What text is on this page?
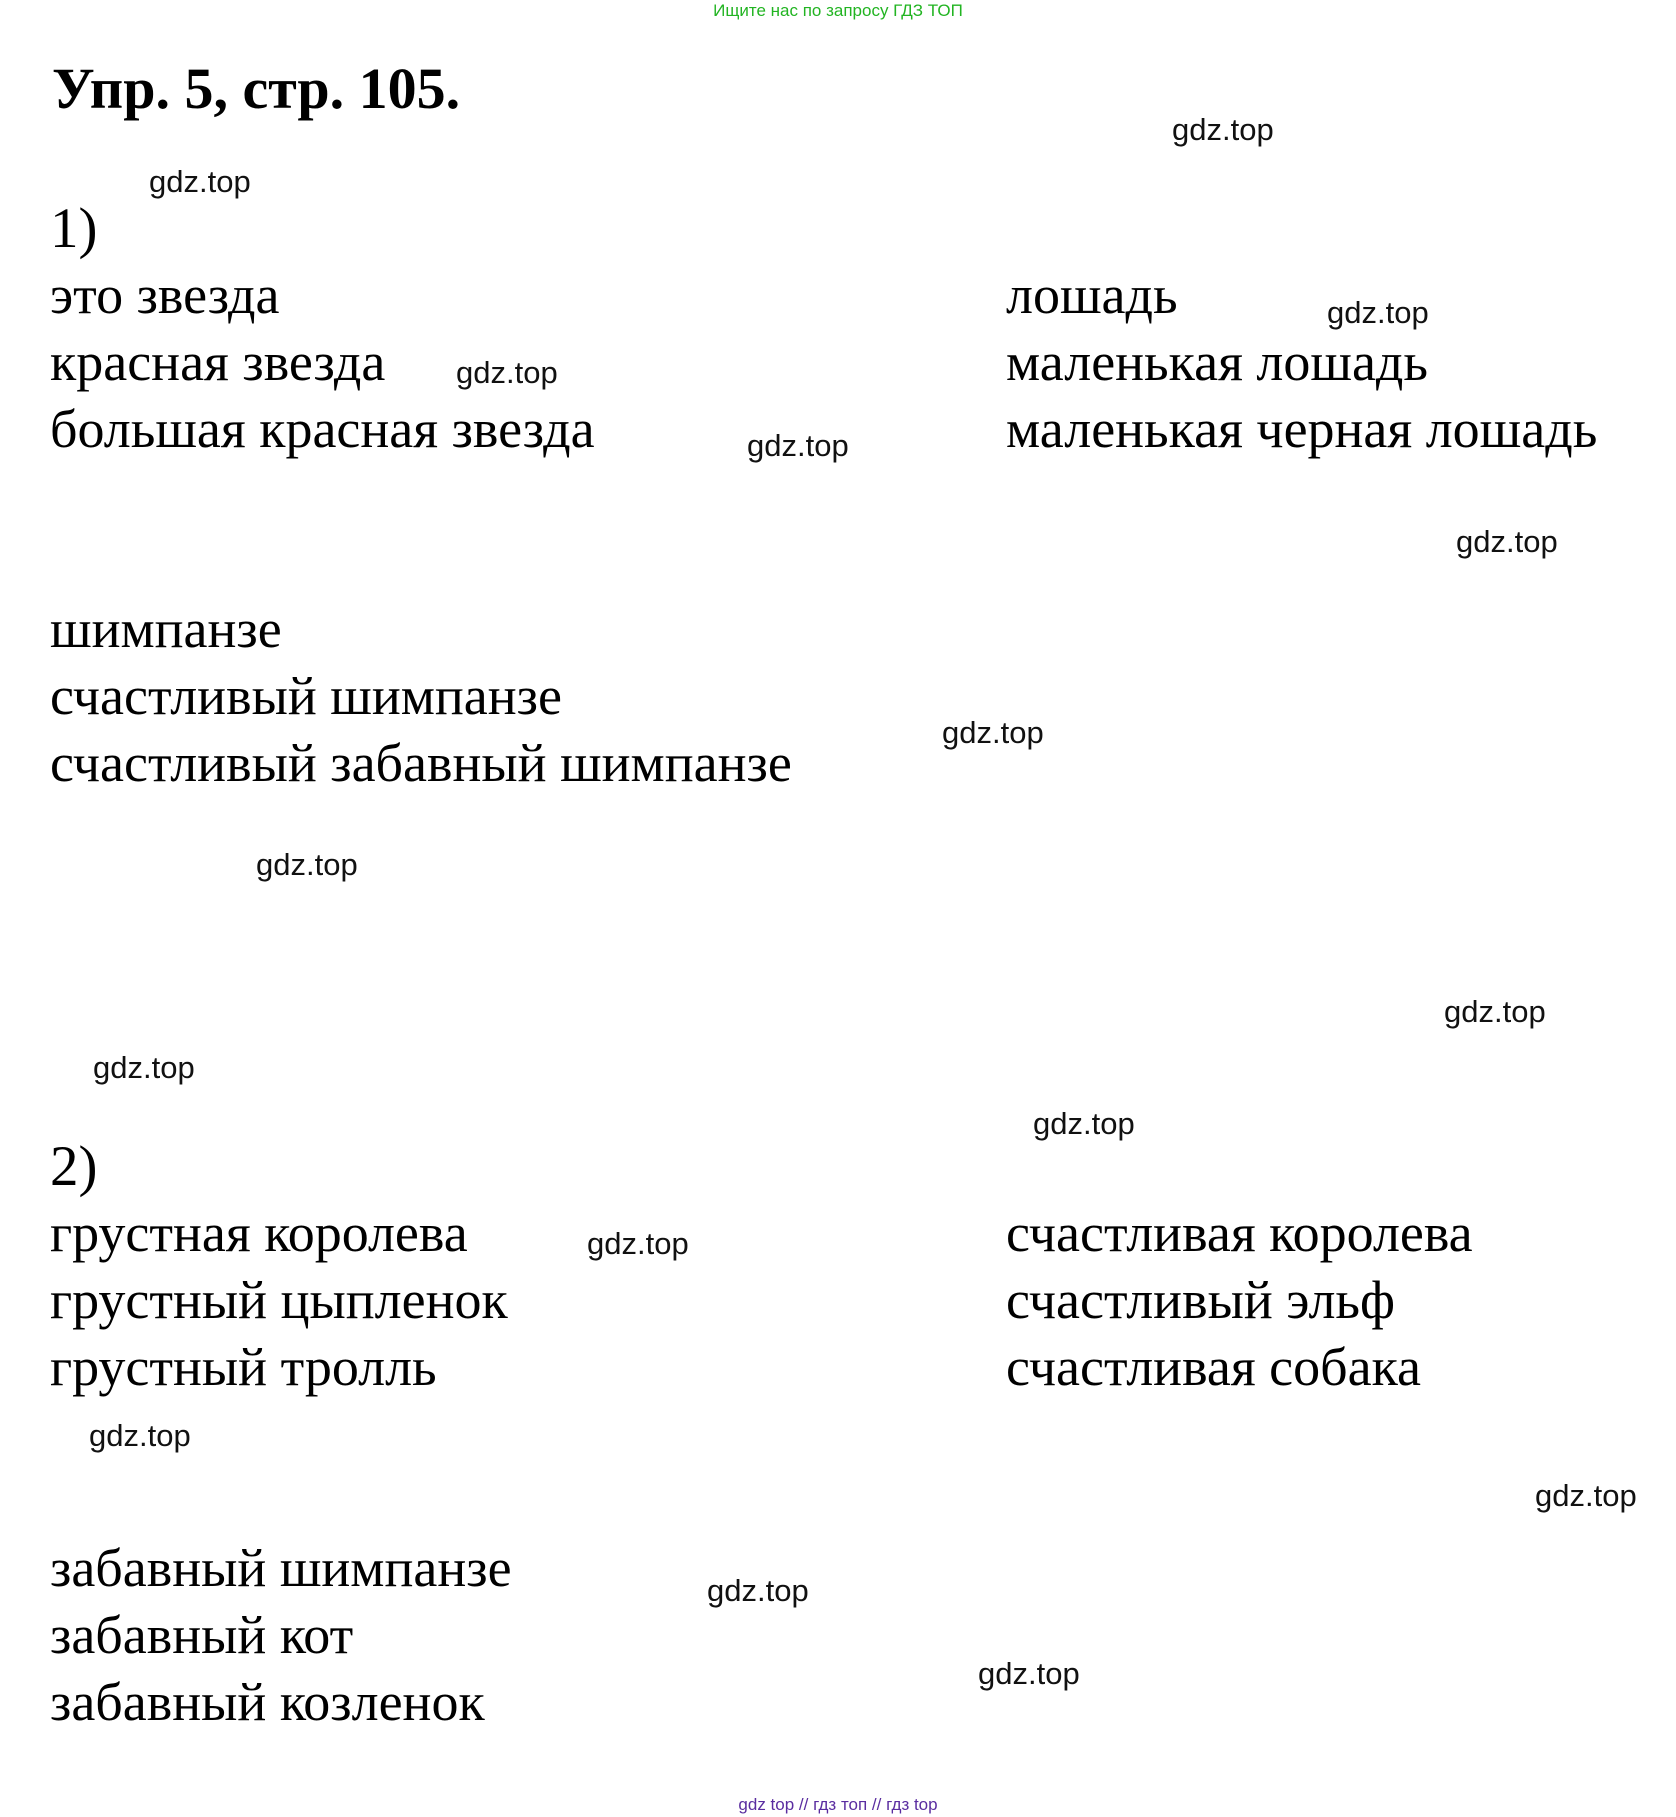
Ищите нас по запросу ГДЗ ТОП
Упр. 5, стр. 105.
1)
это звезда
красная звезда
большая красная звезда
лошадь
маленькая лошадь
маленькая черная лошадь
шимпанзе
счастливый шимпанзе
счастливый забавный шимпанзе
2)
грустная королева
грустный цыпленок
грустный тролль
счастливая королева
счастливый эльф
счастливая собака
забавный шимпанзе
забавный кот
забавный козленок
gdz.top
gdz.top
gdz.top
gdz.top
gdz.top
gdz.top
gdz.top
gdz.top
gdz.top
gdz.top
gdz.top
gdz.top
gdz.top
gdz.top
gdz.top
gdz.top
gdz top // гдз топ // гдз top
